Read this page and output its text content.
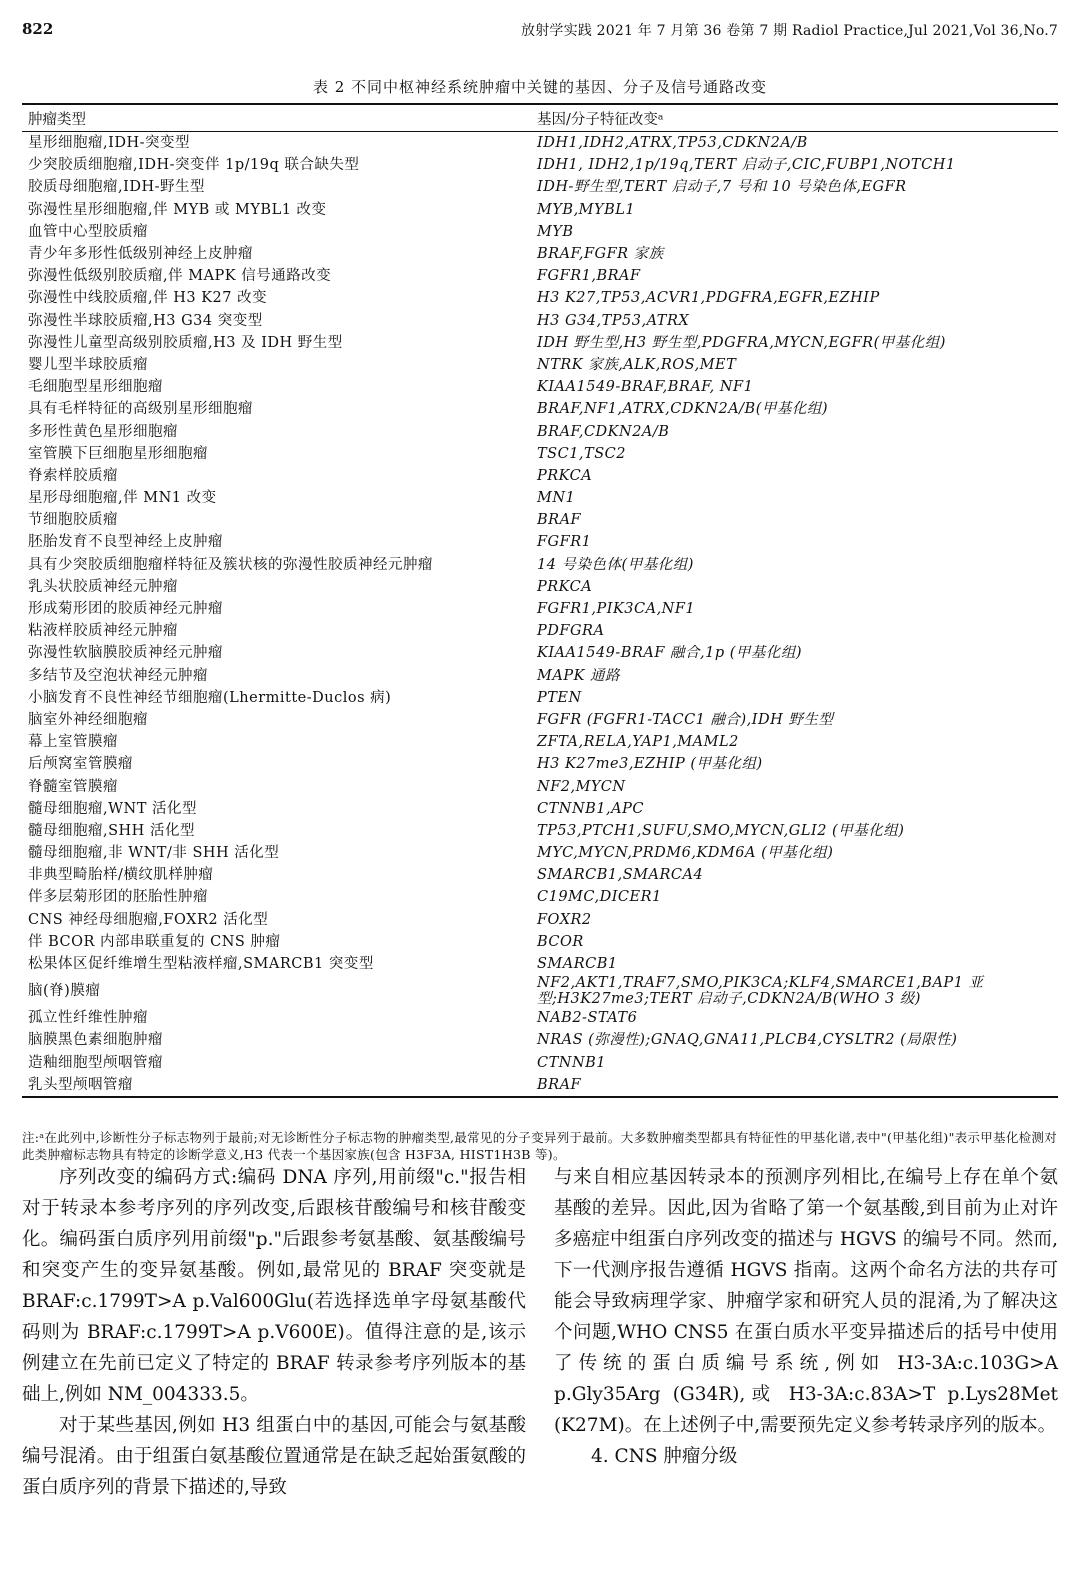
822	放射学实践 2021 年 7 月第 36 卷第 7 期 Radiol Practice,Jul 2021,Vol 36,No.7
表 2 不同中枢神经系统肿瘤中关键的基因、分子及信号通路改变
肿瘤类型	基因/分子特征改变ᵃ
星形细胞瘤,IDH-突变型	IDH1,IDH2,ATRX,TP53,CDKN2A/B
少突胶质细胞瘤,IDH-突变伴 1p/19q 联合缺失型	IDH1, IDH2,1p/19q,TERT 启动子,CIC,FUBP1,NOTCH1
胶质母细胞瘤,IDH-野生型	IDH-野生型,TERT 启动子,7 号和 10 号染色体,EGFR
弥漫性星形细胞瘤,伴 MYB 或 MYBL1 改变	MYB,MYBL1
血管中心型胶质瘤	MYB
青少年多形性低级别神经上皮肿瘤	BRAF,FGFR 家族
弥漫性低级别胶质瘤,伴 MAPK 信号通路改变	FGFR1,BRAF
弥漫性中线胶质瘤,伴 H3 K27 改变	H3 K27,TP53,ACVR1,PDGFRA,EGFR,EZHIP
弥漫性半球胶质瘤,H3 G34 突变型	H3 G34,TP53,ATRX
弥漫性儿童型高级别胶质瘤,H3 及 IDH 野生型	IDH 野生型,H3 野生型,PDGFRA,MYCN,EGFR(甲基化组)
婴儿型半球胶质瘤	NTRK 家族,ALK,ROS,MET
毛细胞型星形细胞瘤	KIAA1549-BRAF,BRAF, NF1
具有毛样特征的高级别星形细胞瘤	BRAF,NF1,ATRX,CDKN2A/B(甲基化组)
多形性黄色星形细胞瘤	BRAF,CDKN2A/B
室管膜下巨细胞星形细胞瘤	TSC1,TSC2
脊索样胶质瘤	PRKCA
星形母细胞瘤,伴 MN1 改变	MN1
节细胞胶质瘤	BRAF
胚胎发育不良型神经上皮肿瘤	FGFR1
具有少突胶质细胞瘤样特征及簇状核的弥漫性胶质神经元肿瘤	14 号染色体(甲基化组)
乳头状胶质神经元肿瘤	PRKCA
形成菊形团的胶质神经元肿瘤	FGFR1,PIK3CA,NF1
粘液样胶质神经元肿瘤	PDFGRA
弥漫性软脑膜胶质神经元肿瘤	KIAA1549-BRAF 融合,1p (甲基化组)
多结节及空泡状神经元肿瘤	MAPK 通路
小脑发育不良性神经节细胞瘤(Lhermitte-Duclos 病)	PTEN
脑室外神经细胞瘤	FGFR (FGFR1-TACC1 融合),IDH 野生型
幕上室管膜瘤	ZFTA,RELA,YAP1,MAML2
后颅窝室管膜瘤	H3 K27me3,EZHIP (甲基化组)
脊髓室管膜瘤	NF2,MYCN
髓母细胞瘤,WNT 活化型	CTNNB1,APC
髓母细胞瘤,SHH 活化型	TP53,PTCH1,SUFU,SMO,MYCN,GLI2 (甲基化组)
髓母细胞瘤,非 WNT/非 SHH 活化型	MYC,MYCN,PRDM6,KDM6A (甲基化组)
非典型畸胎样/横纹肌样肿瘤	SMARCB1,SMARCA4
伴多层菊形团的胚胎性肿瘤	C19MC,DICER1
CNS 神经母细胞瘤,FOXR2 活化型	FOXR2
伴 BCOR 内部串联重复的 CNS 肿瘤	BCOR
松果体区促纤维增生型粘液样瘤,SMARCB1 突变型	SMARCB1
脑(脊)膜瘤	NF2,AKT1,TRAF7,SMO,PIK3CA;KLF4,SMARCE1,BAP1 亚型;H3K27me3;TERT 启动子,CDKN2A/B(WHO 3 级)
孤立性纤维性肿瘤	NAB2-STAT6
脑膜黑色素细胞肿瘤	NRAS (弥漫性);GNAQ,GNA11,PLCB4,CYSLTR2 (局限性)
造釉细胞型颅咽管瘤	CTNNB1
乳头型颅咽管瘤	BRAF
注:ᵃ在此列中,诊断性分子标志物列于最前;对无诊断性分子标志物的肿瘤类型,最常见的分子变异列于最前。大多数肿瘤类型都具有特征性的甲基化谱,表中"(甲基化组)"表示甲基化检测对此类肿瘤标志物具有特定的诊断学意义,H3 代表一个基因家族(包含 H3F3A, HIST1H3B 等)。

序列改变的编码方式:编码 DNA 序列,用前缀"c."报告相对于转录本参考序列的序列改变,后跟核苷酸编号和核苷酸变化。编码蛋白质序列用前缀"p."后跟参考氨基酸、氨基酸编号和突变产生的变异氨基酸。例如,最常见的 BRAF 突变就是 BRAF:c.1799T>A p.Val600Glu(若选择选单字母氨基酸代码则为 BRAF:c.1799T>A p.V600E)。值得注意的是,该示例建立在先前已定义了特定的 BRAF 转录参考序列版本的基础上,例如 NM_004333.5。

对于某些基因,例如 H3 组蛋白中的基因,可能会与氨基酸编号混淆。由于组蛋白氨基酸位置通常是在缺乏起始蛋氨酸的蛋白质序列的背景下描述的,导致

与来自相应基因转录本的预测序列相比,在编号上存在单个氨基酸的差异。因此,因为省略了第一个氨基酸,到目前为止对许多癌症中组蛋白序列改变的描述与 HGVS 的编号不同。然而,下一代测序报告遵循 HGVS 指南。这两个命名方法的共存可能会导致病理学家、肿瘤学家和研究人员的混淆,为了解决这个问题,WHO CNS5 在蛋白质水平变异描述后的括号中使用了传统的蛋白质编号系统,例如 H3-3A:c.103G>A p.Gly35Arg (G34R),或 H3-3A:c.83A>T p.Lys28Met (K27M)。在上述例子中,需要预先定义参考转录序列的版本。

4. CNS 肿瘤分级
